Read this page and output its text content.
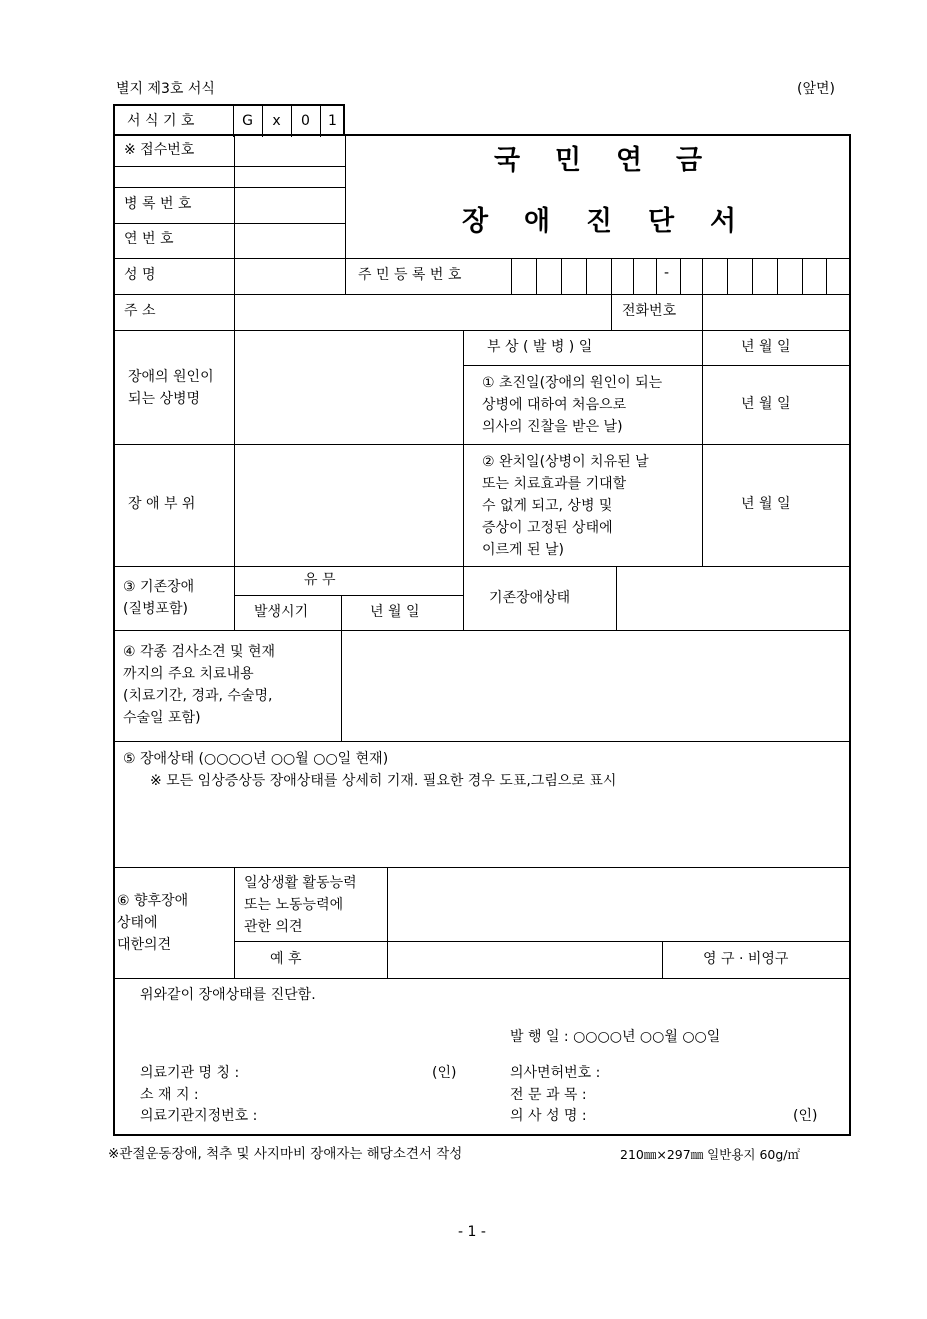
별지 제3호 서식	(앞면)
서 식 기 호	G	x	0	1
※ 접수번호
병 록 번 호
연 번 호
국 민 연 금
장 애 진 단 서
성 명	주 민 등 록 번 호	-
주 소	전화번호
장애의 원인이
되는 상병명
부 상 ( 발 병 ) 일	년 월 일
① 초진일(장애의 원인이 되는
상병에 대하여 처음으로
의사의 진찰을 받은 날)
년 월 일
장 애 부 위
② 완치일(상병이 치유된 날
또는 치료효과를 기대할
수 없게 되고, 상병 및
증상이 고정된 상태에
이르게 된 날)
년 월 일
③ 기존장애
(질병포함)
유 무
발생시기	년 월 일
기존장애상태
④ 각종 검사소견 및 현재
까지의 주요 치료내용
(치료기간, 경과, 수술명,
수술일 포함)
⑤ 장애상태 (○○○○년 ○○월 ○○일 현재)
※ 모든 임상증상등 장애상태를 상세히 기재. 필요한 경우 도표,그림으로 표시
⑥ 향후장애
상태에
대한의견
일상생활 활동능력
또는 노동능력에
관한 의견
예 후	영 구 · 비영구
위와같이 장애상태를 진단함.
발 행 일 : ○○○○년 ○○월 ○○일
의료기관 명 칭 :	(인)	의사면허번호 :
소 재 지 :	전 문 과 목 :
의료기관지정번호 :	의 사 성 명 :	(인)
※관절운동장애, 척추 및 사지마비 장애자는 해당소견서 작성	210㎜×297㎜ 일반용지 60g/㎡
- 1 -
